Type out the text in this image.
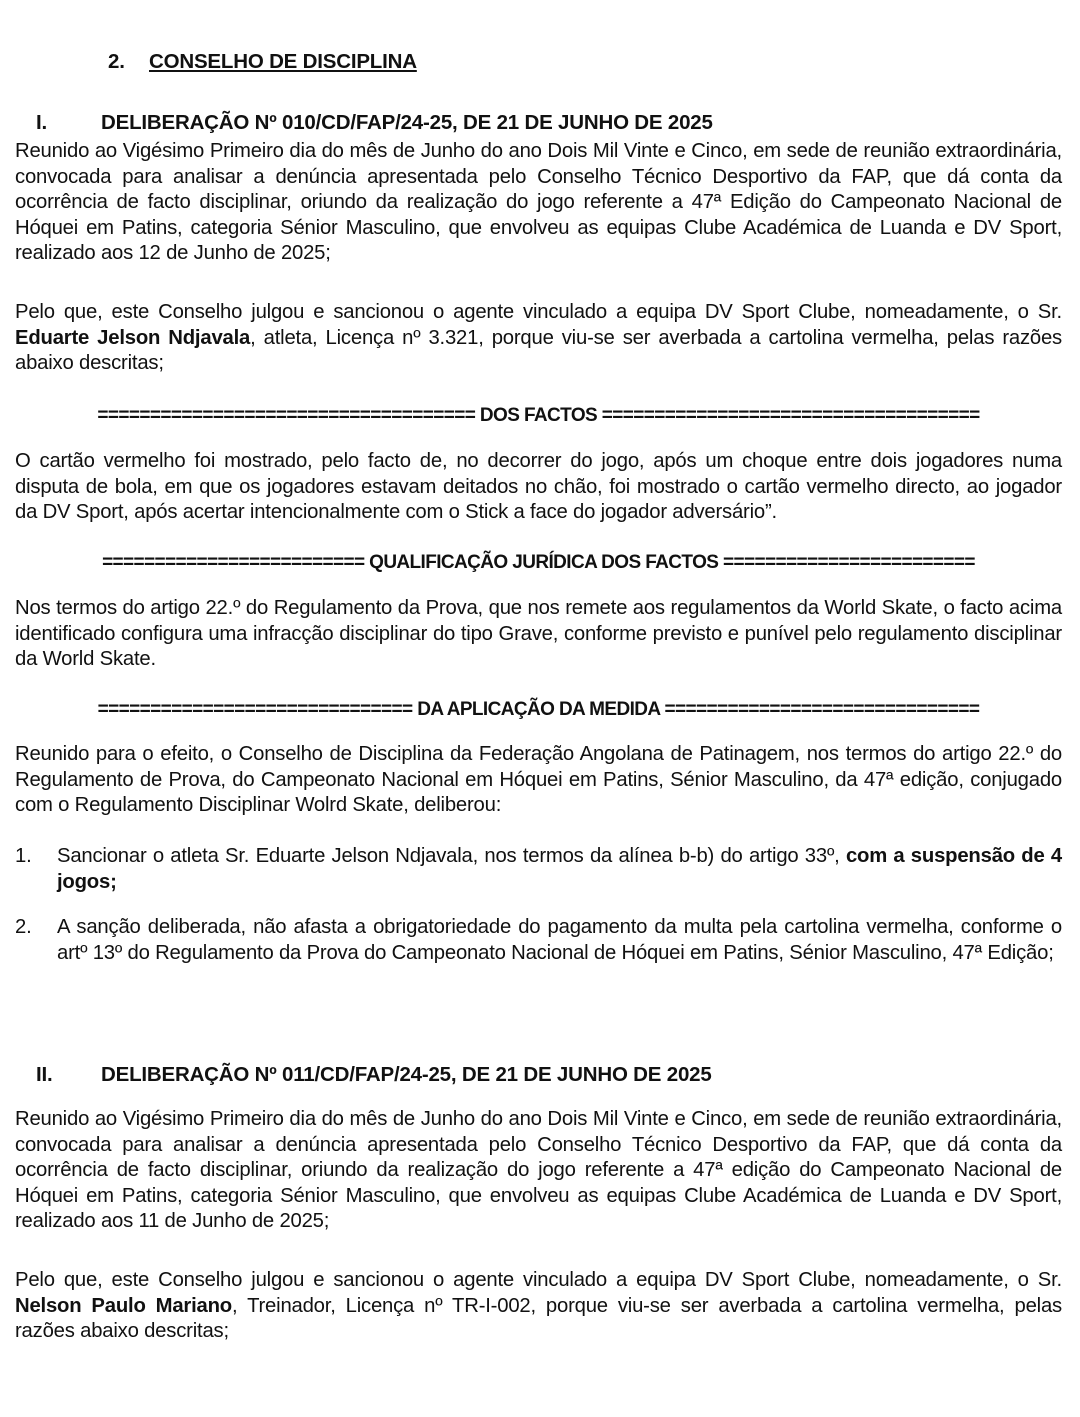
2. CONSELHO DE DISCIPLINA
I.	DELIBERAÇÃO Nº 010/CD/FAP/24-25, DE 21 DE JUNHO DE 2025

Reunido ao Vigésimo Primeiro dia do mês de Junho do ano Dois Mil Vinte e Cinco, em sede de reunião extraordinária, convocada para analisar a denúncia apresentada pelo Conselho Técnico Desportivo da FAP, que dá conta da ocorrência de facto disciplinar, oriundo da realização do jogo referente a 47ª Edição do Campeonato Nacional de Hóquei em Patins, categoria Sénior Masculino, que envolveu as equipas Clube Académica de Luanda e DV Sport, realizado aos 12 de Junho de 2025;

Pelo que, este Conselho julgou e sancionou o agente vinculado a equipa DV Sport Clube, nomeadamente, o Sr. Eduarte Jelson Ndjavala, atleta, Licença nº 3.321, porque viu-se ser averbada a cartolina vermelha, pelas razões abaixo descritas;

==================================== DOS FACTOS ====================================

O cartão vermelho foi mostrado, pelo facto de, no decorrer do jogo, após um choque entre dois jogadores numa disputa de bola, em que os jogadores estavam deitados no chão, foi mostrado o cartão vermelho directo, ao jogador da DV Sport, após acertar intencionalmente com o Stick a face do jogador adversário”.

========================= QUALIFICAÇÃO JURÍDICA DOS FACTOS ========================

Nos termos do artigo 22.º do Regulamento da Prova, que nos remete aos regulamentos da World Skate, o facto acima identificado configura uma infracção disciplinar do tipo Grave, conforme previsto e punível pelo regulamento disciplinar da World Skate.

============================== DA APLICAÇÃO DA MEDIDA ==============================

Reunido para o efeito, o Conselho de Disciplina da Federação Angolana de Patinagem, nos termos do artigo 22.º do Regulamento de Prova, do Campeonato Nacional em Hóquei em Patins, Sénior Masculino, da 47ª edição, conjugado com o Regulamento Disciplinar Wolrd Skate, deliberou:

1.	Sancionar o atleta Sr. Eduarte Jelson Ndjavala, nos termos da alínea b-b) do artigo 33º, com a suspensão de 4 jogos;
2.	A sanção deliberada, não afasta a obrigatoriedade do pagamento da multa pela cartolina vermelha, conforme o artº 13º do Regulamento da Prova do Campeonato Nacional de Hóquei em Patins, Sénior Masculino, 47ª Edição;
II. DELIBERAÇÃO Nº 011/CD/FAP/24-25, DE 21 DE JUNHO DE 2025

Reunido ao Vigésimo Primeiro dia do mês de Junho do ano Dois Mil Vinte e Cinco, em sede de reunião extraordinária, convocada para analisar a denúncia apresentada pelo Conselho Técnico Desportivo da FAP, que dá conta da ocorrência de facto disciplinar, oriundo da realização do jogo referente a 47ª edição do Campeonato Nacional de Hóquei em Patins, categoria Sénior Masculino, que envolveu as equipas Clube Académica de Luanda e DV Sport, realizado aos 11 de Junho de 2025;

Pelo que, este Conselho julgou e sancionou o agente vinculado a equipa DV Sport Clube, nomeadamente, o Sr. Nelson Paulo Mariano, Treinador, Licença nº TR-I-002, porque viu-se ser averbada a cartolina vermelha, pelas razões abaixo descritas;
